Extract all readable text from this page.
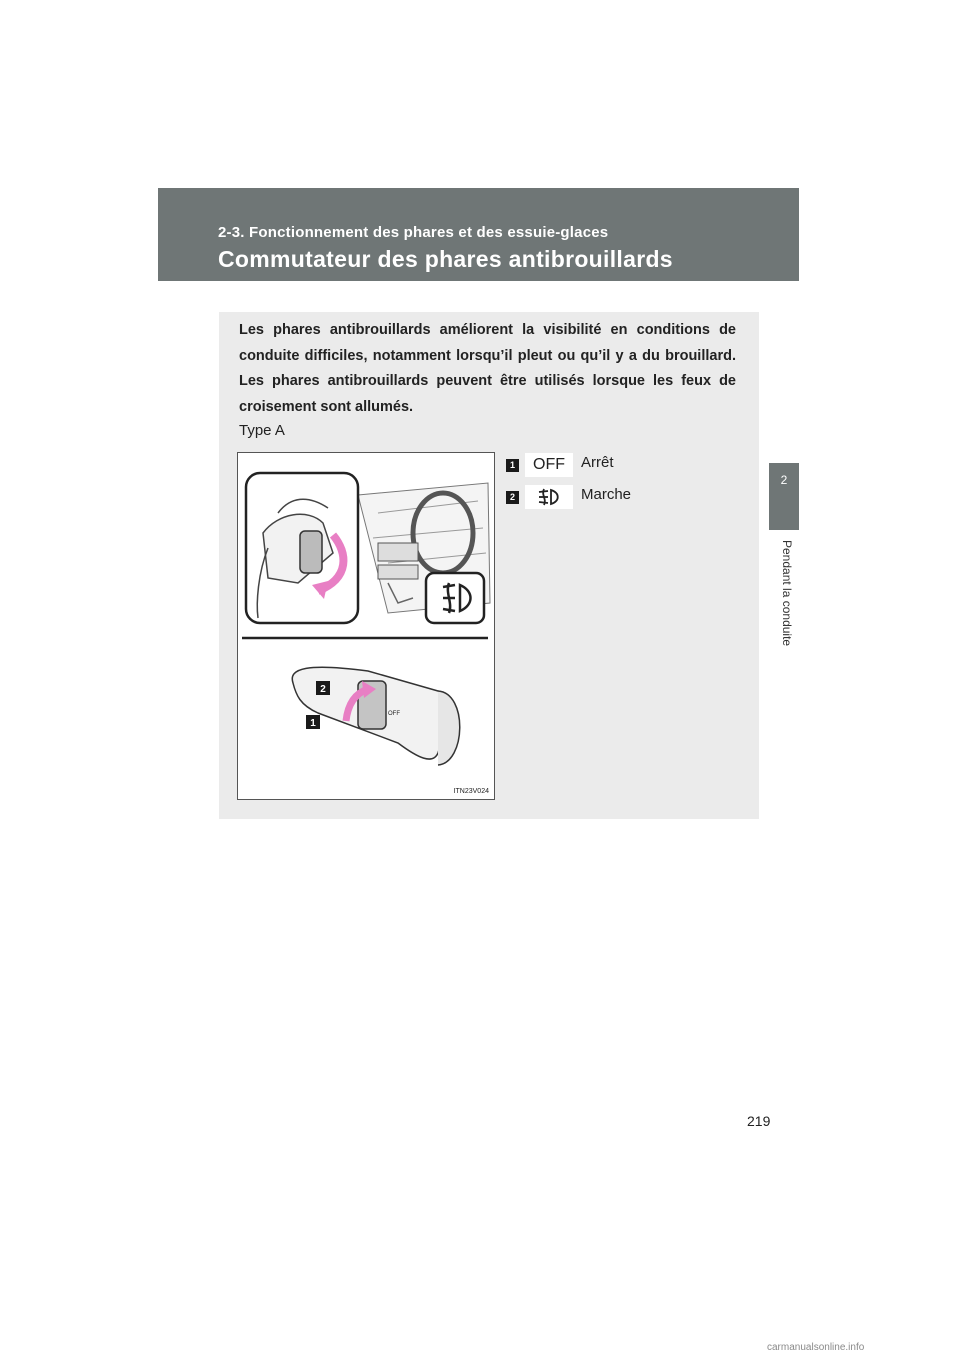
2-3. Fonctionnement des phares et des essuie-glaces
Commutateur des phares antibrouillards
2
Pendant la conduite

Les phares antibrouillards améliorent la visibilité en conditions de conduite difficiles, notamment lorsqu’il pleut ou qu’il y a du brouillard. Les phares antibrouillards peuvent être utilisés lorsque les feux de croisement sont allumés.

Type A
OFF
2
1
ITN23V024
1	OFF	Arrêt
2	Marche
219
carmanualsonline.info
